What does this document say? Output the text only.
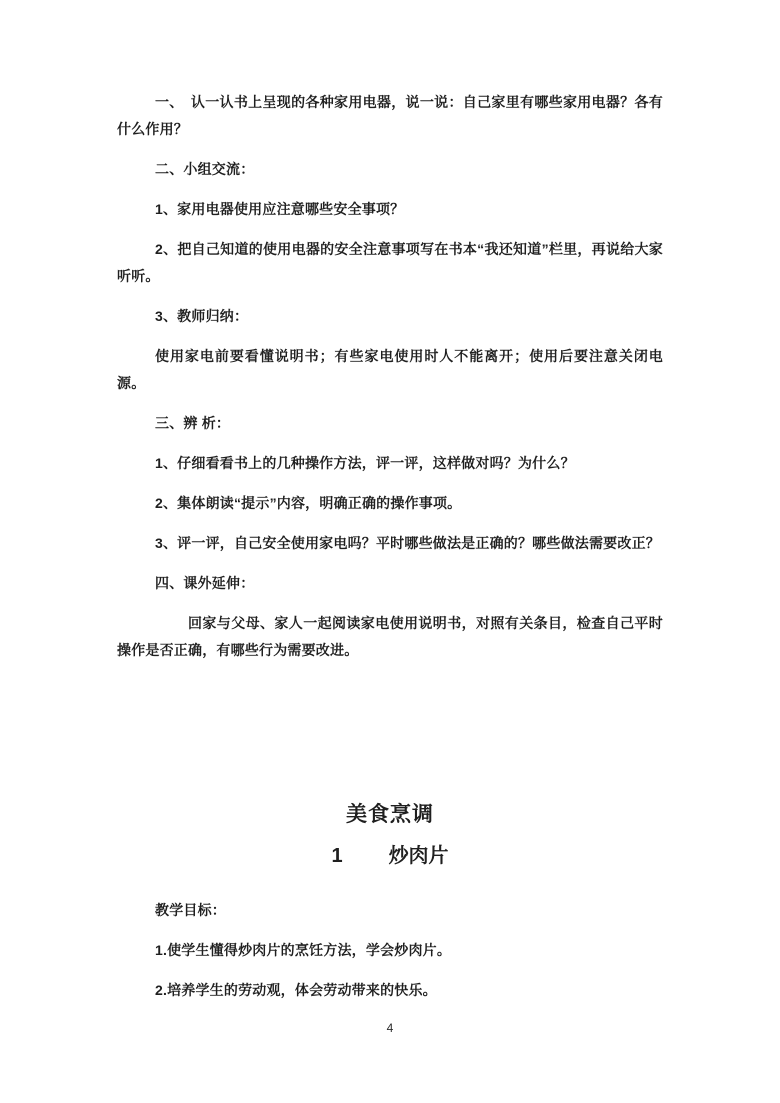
一、　认一认书上呈现的各种家用电器，说一说：自己家里有哪些家用电器？各有什么作用？

二、小组交流：

1、家用电器使用应注意哪些安全事项？

2、把自己知道的使用电器的安全注意事项写在书本“我还知道”栏里，再说给大家听听。

3、教师归纳：

使用家电前要看懂说明书；有些家电使用时人不能离开；使用后要注意关闭电源。

三、辨 析：

1、仔细看看书上的几种操作方法，评一评，这样做对吗？为什么？

2、集体朗读“提示”内容，明确正确的操作事项。

3、评一评，自己安全使用家电吗？平时哪些做法是正确的？哪些做法需要改正？

四、课外延伸：

回家与父母、家人一起阅读家电使用说明书，对照有关条目，检查自己平时操作是否正确，有哪些行为需要改进。

美食烹调
1 炒肉片

教学目标：

1.使学生懂得炒肉片的烹饪方法，学会炒肉片。

2.培养学生的劳动观，体会劳动带来的快乐。

4
